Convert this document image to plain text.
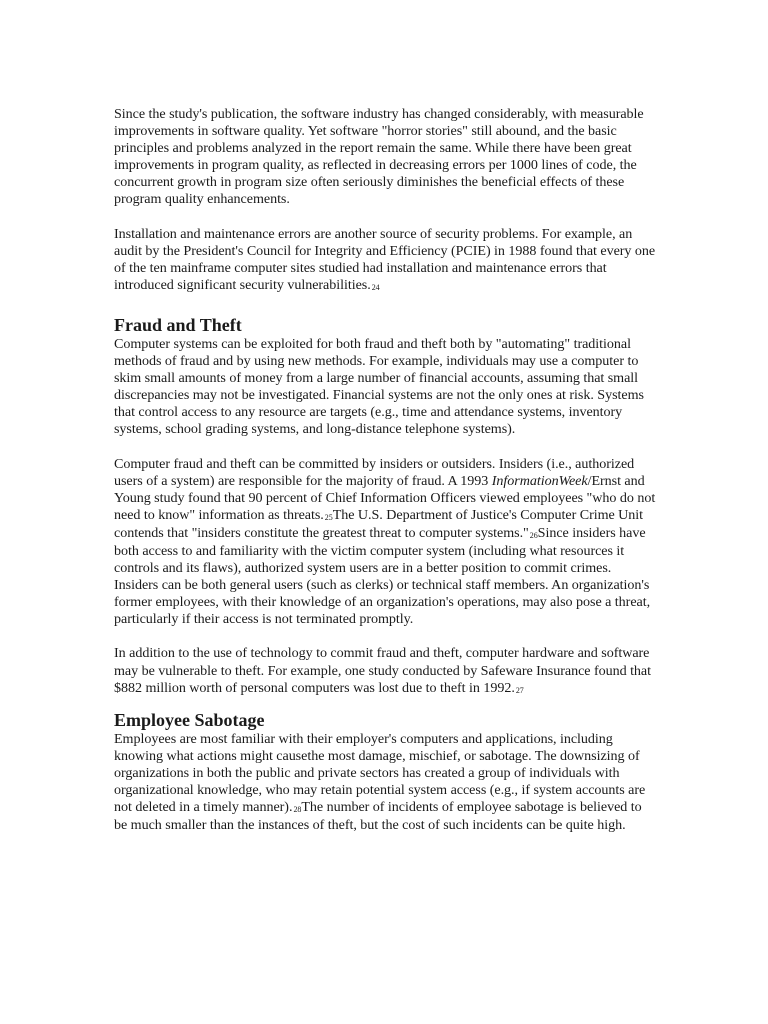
Since the study's publication, the software industry has changed considerably, with measurable improvements in software quality. Yet software "horror stories" still abound, and the basic principles and problems analyzed in the report remain the same. While there have been great improvements in program quality, as reflected in decreasing errors per 1000 lines of code, the concurrent growth in program size often seriously diminishes the beneficial effects of these program quality enhancements.

Installation and maintenance errors are another source of security problems. For example, an audit by the President's Council for Integrity and Efficiency (PCIE) in 1988 found that every one of the ten mainframe computer sites studied had installation and maintenance errors that introduced significant security vulnerabilities.24

Fraud and Theft

Computer systems can be exploited for both fraud and theft both by "automating" traditional methods of fraud and by using new methods. For example, individuals may use a computer to skim small amounts of money from a large number of financial accounts, assuming that small discrepancies may not be investigated. Financial systems are not the only ones at risk. Systems that control access to any resource are targets (e.g., time and attendance systems, inventory systems, school grading systems, and long-distance telephone systems).

Computer fraud and theft can be committed by insiders or outsiders. Insiders (i.e., authorized users of a system) are responsible for the majority of fraud. A 1993 InformationWeek/Ernst and Young study found that 90 percent of Chief Information Officers viewed employees "who do not need to know" information as threats.25The U.S. Department of Justice's Computer Crime Unit contends that "insiders constitute the greatest threat to computer systems."26Since insiders have both access to and familiarity with the victim computer system (including what resources it controls and its flaws), authorized system users are in a better position to commit crimes. Insiders can be both general users (such as clerks) or technical staff members. An organization's former employees, with their knowledge of an organization's operations, may also pose a threat, particularly if their access is not terminated promptly.

In addition to the use of technology to commit fraud and theft, computer hardware and software may be vulnerable to theft. For example, one study conducted by Safeware Insurance found that $882 million worth of personal computers was lost due to theft in 1992.27

Employee Sabotage

Employees are most familiar with their employer's computers and applications, including knowing what actions might causethe most damage, mischief, or sabotage. The downsizing of organizations in both the public and private sectors has created a group of individuals with organizational knowledge, who may retain potential system access (e.g., if system accounts are not deleted in a timely manner).28The number of incidents of employee sabotage is believed to be much smaller than the instances of theft, but the cost of such incidents can be quite high.
